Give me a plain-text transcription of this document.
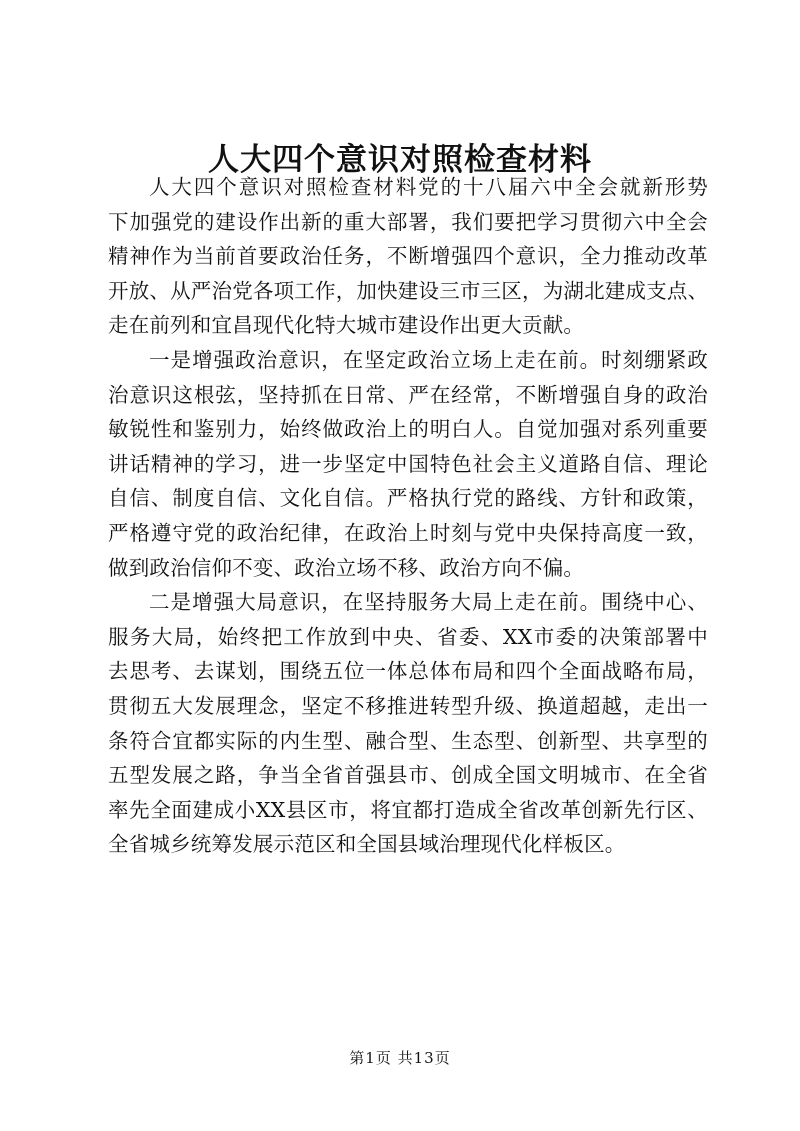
人大四个意识对照检查材料
人大四个意识对照检查材料党的十八届六中全会就新形势
下加强党的建设作出新的重大部署，我们要把学习贯彻六中全会
精神作为当前首要政治任务，不断增强四个意识，全力推动改革
开放、从严治党各项工作，加快建设三市三区，为湖北建成支点、
走在前列和宜昌现代化特大城市建设作出更大贡献。
一是增强政治意识，在坚定政治立场上走在前。时刻绷紧政
治意识这根弦，坚持抓在日常、严在经常，不断增强自身的政治
敏锐性和鉴别力，始终做政治上的明白人。自觉加强对系列重要
讲话精神的学习，进一步坚定中国特色社会主义道路自信、理论
自信、制度自信、文化自信。严格执行党的路线、方针和政策，
严格遵守党的政治纪律，在政治上时刻与党中央保持高度一致，
做到政治信仰不变、政治立场不移、政治方向不偏。
二是增强大局意识，在坚持服务大局上走在前。围绕中心、
服务大局，始终把工作放到中央、省委、XX市委的决策部署中
去思考、去谋划，围绕五位一体总体布局和四个全面战略布局，
贯彻五大发展理念，坚定不移推进转型升级、换道超越，走出一
条符合宜都实际的内生型、融合型、生态型、创新型、共享型的
五型发展之路，争当全省首强县市、创成全国文明城市、在全省
率先全面建成小XX县区市，将宜都打造成全省改革创新先行区、
全省城乡统筹发展示范区和全国县域治理现代化样板区。
第1页 共13页
